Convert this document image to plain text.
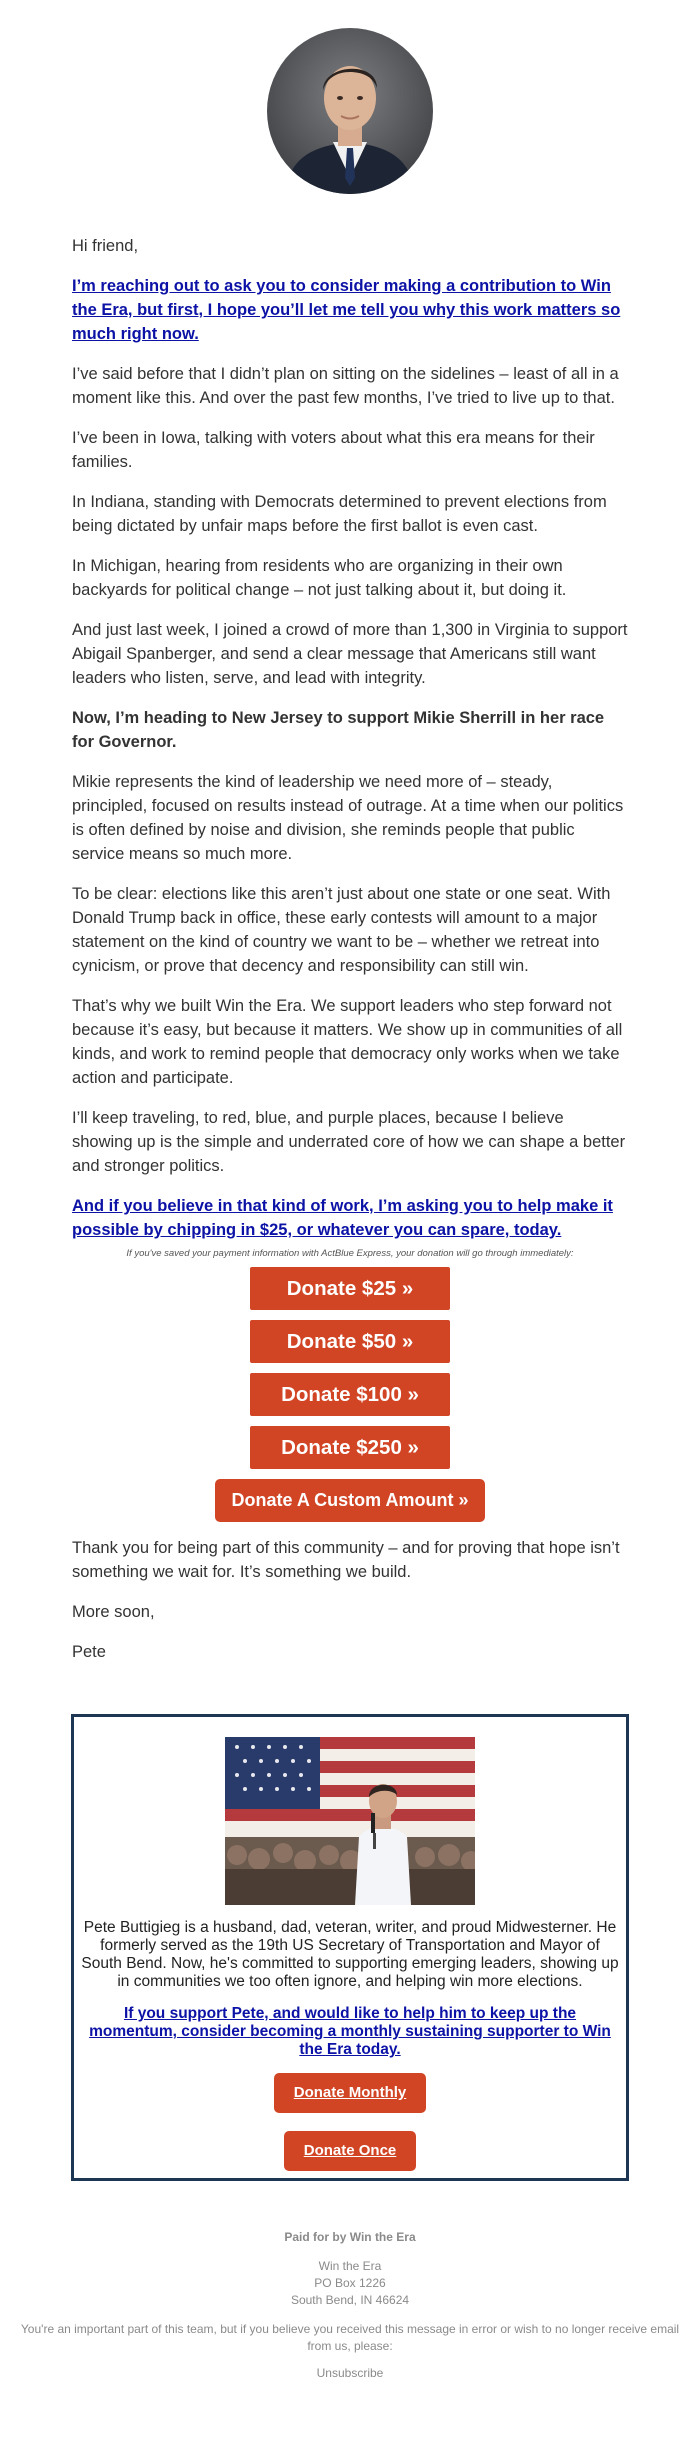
Hi friend,

I’m reaching out to ask you to consider making a contribution to Win the Era, but first, I hope you’ll let me tell you why this work matters so much right now.

I’ve said before that I didn’t plan on sitting on the sidelines – least of all in a moment like this. And over the past few months, I’ve tried to live up to that.

I’ve been in Iowa, talking with voters about what this era means for their families.

In Indiana, standing with Democrats determined to prevent elections from being dictated by unfair maps before the first ballot is even cast.

In Michigan, hearing from residents who are organizing in their own backyards for political change – not just talking about it, but doing it.

And just last week, I joined a crowd of more than 1,300 in Virginia to support Abigail Spanberger, and send a clear message that Americans still want leaders who listen, serve, and lead with integrity.

Now, I’m heading to New Jersey to support Mikie Sherrill in her race for Governor.

Mikie represents the kind of leadership we need more of – steady, principled, focused on results instead of outrage. At a time when our politics is often defined by noise and division, she reminds people that public service means so much more.

To be clear: elections like this aren’t just about one state or one seat. With Donald Trump back in office, these early contests will amount to a major statement on the kind of country we want to be – whether we retreat into cynicism, or prove that decency and responsibility can still win.

That’s why we built Win the Era. We support leaders who step forward not because it’s easy, but because it matters. We show up in communities of all kinds, and work to remind people that democracy only works when we take action and participate.

I’ll keep traveling, to red, blue, and purple places, because I believe showing up is the simple and underrated core of how we can shape a better and stronger politics.

And if you believe in that kind of work, I’m asking you to help make it possible by chipping in $25, or whatever you can spare, today.

If you've saved your payment information with ActBlue Express, your donation will go through immediately:
Donate $25 »
Donate $50 »
Donate $100 »
Donate $250 »
Donate A Custom Amount »

Thank you for being part of this community – and for proving that hope isn’t something we wait for. It’s something we build.

More soon,

Pete

Pete Buttigieg is a husband, dad, veteran, writer, and proud Midwesterner. He formerly served as the 19th US Secretary of Transportation and Mayor of South Bend. Now, he's committed to supporting emerging leaders, showing up in communities we too often ignore, and helping win more elections.
If you support Pete, and would like to help him to keep up the momentum, consider becoming a monthly sustaining supporter to Win the Era today.
Donate Monthly
Donate Once
Paid for by Win the Era
Win the Era
PO Box 1226
South Bend, IN 46624
You're an important part of this team, but if you believe you received this message in error or wish to no longer receive email from us, please:
Unsubscribe
